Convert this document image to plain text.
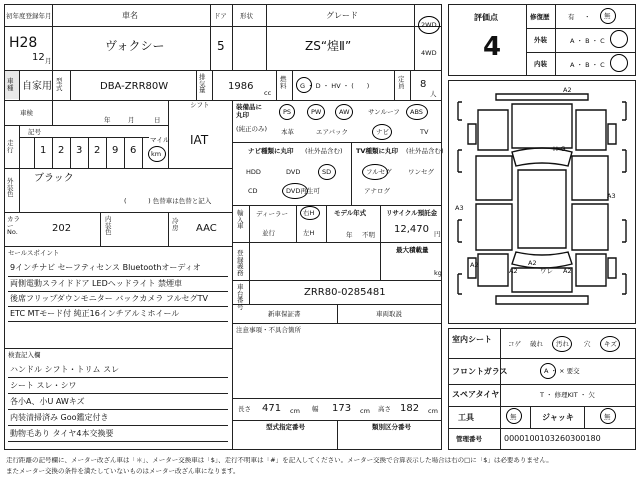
初年度登録年月
H28
12 月
車名
ヴォクシー
ドア
5
形状	グレード
ZS“煌Ⅱ”
2WD
4WD
車種 自家用 型式	DBA-ZRR80W
排気量	1986
cc
燃料	G ・ D ・ HV ・ (　　)
定員	8
人
車検
年	月	日
シフト
IAT
走行
記号
1 2 3 2 9 6
マイル
km
外装色
ブラック
( 　　　) 色替車は色替と記入
カラー No.	202
内装色
冷房	AAC
セールスポイント
9インチナビ セーフティセンス Bluetoothオーディオ
両側電動スライドドア LEDヘッドライト 禁煙車
後席フリップダウンモニター バックカメラ フルセグTV
ETC MTモード付 純正16インチアルミホイール
検査記入欄
ハンドル シフト・トリム スレ
シート スレ・シワ
各小A、小U AWキズ
内装清掃済み Goo鑑定付き
動物毛あり タイヤ4本交換要
装備品に丸印
(純正のみ)
PS	PW	AW	サンルーフ ABS
本革	エアバック	ナビ	TV
ナビ種類に丸印 (社外品含む) TV種類に丸印 (社外品含む)
HDD	DVD	SD
CD	DVD再生可
フルセグ	ワンセグ
アナログ
輸入車
ディーラー
並行
右H
左H
モデル年式
年 不明
リサイクル預託金
12,470 円
最大積載量
kg
登録義務
車台番号
ZRR80-0285481
新車保証書	車両取説
注意事項・不具合箇所
長さ 471 cm 幅 173 cm 高さ 182 cm
型式指定番号	類別区分番号
評価点
4
修復歴	有 ・ 無
外装	A ・ B ・ C
内装	A ・ B ・ C
A2
A3
A2
A2
ワレ A2
A3
A2
H-G
室内シート	コゲ 破れ 汚れ 穴 キズ
フロントガラス	A ・ × 要交
スペアタイヤ	T ・ 修理KIT ・ 欠
工具	無	ジャッキ	無
管理番号	0000100103260300180
走行距離の記号欄に、メーター改ざん車は「＊」、メーター交換車は「$」、走行不明車は「#」を記入してください。メーター交換で合算表示した場合は右の□に「$」は必要ありません。
またメーター交換の条件を満たしていないものはメーター改ざん車になります。
